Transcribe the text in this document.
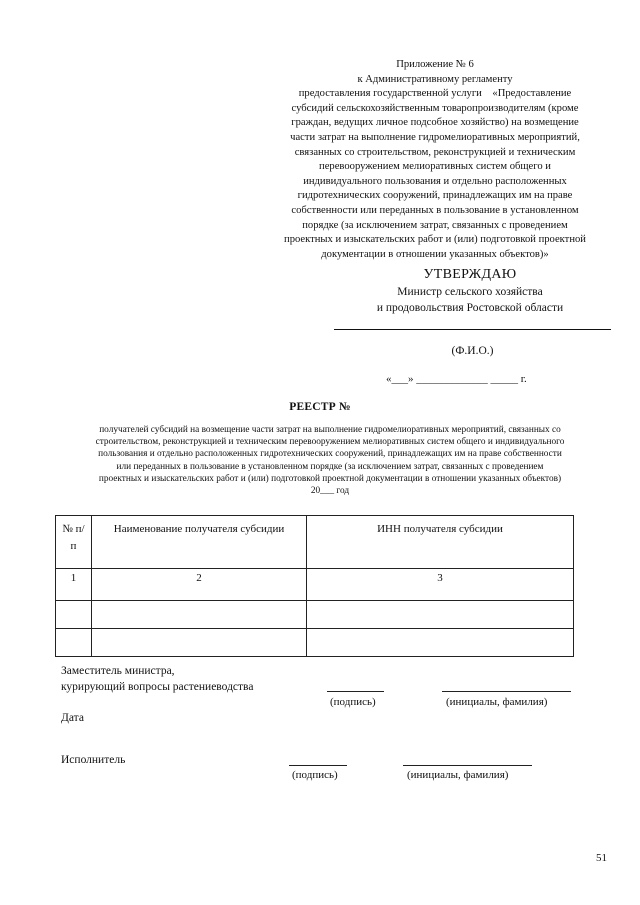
Приложение № 6
к Административному регламенту
предоставления государственной услуги    «Предоставление
субсидий сельскохозяйственным товаропроизводителям (кроме
граждан, ведущих личное подсобное хозяйство) на возмещение
части затрат на выполнение гидромелиоративных мероприятий,
связанных со строительством, реконструкцией и техническим
перевооружением мелиоративных систем общего и
индивидуального пользования и отдельно расположенных
гидротехнических сооружений, принадлежащих им на праве
собственности или переданных в пользование в установленном
порядке (за исключением затрат, связанных с проведением
проектных и изыскательских работ и (или) подготовкой проектной
документации в отношении указанных объектов)»
УТВЕРЖДАЮ
Министр сельского хозяйства
и продовольствия Ростовской области
(Ф.И.О.)
«___» _____________ _____ г.
РЕЕСТР №
получателей субсидий на возмещение части затрат на выполнение гидромелиоративных мероприятий, связанных со
строительством, реконструкцией и техническим перевооружением мелиоративных систем общего и индивидуального
пользования и отдельно расположенных гидротехнических сооружений, принадлежащих им на праве собственности
или переданных в пользование в установленном порядке (за исключением затрат, связанных с проведением
проектных и изыскательских работ и (или) подготовкой проектной документации в отношении указанных объектов)
20___ год
№ п/п	Наименование получателя субсидии	ИНН получателя субсидии
1	2	3

Заместитель министра,
курирующий вопросы растениеводства
(подпись)	(инициалы, фамилия)
Дата
Исполнитель
(подпись)	(инициалы, фамилия)
51
